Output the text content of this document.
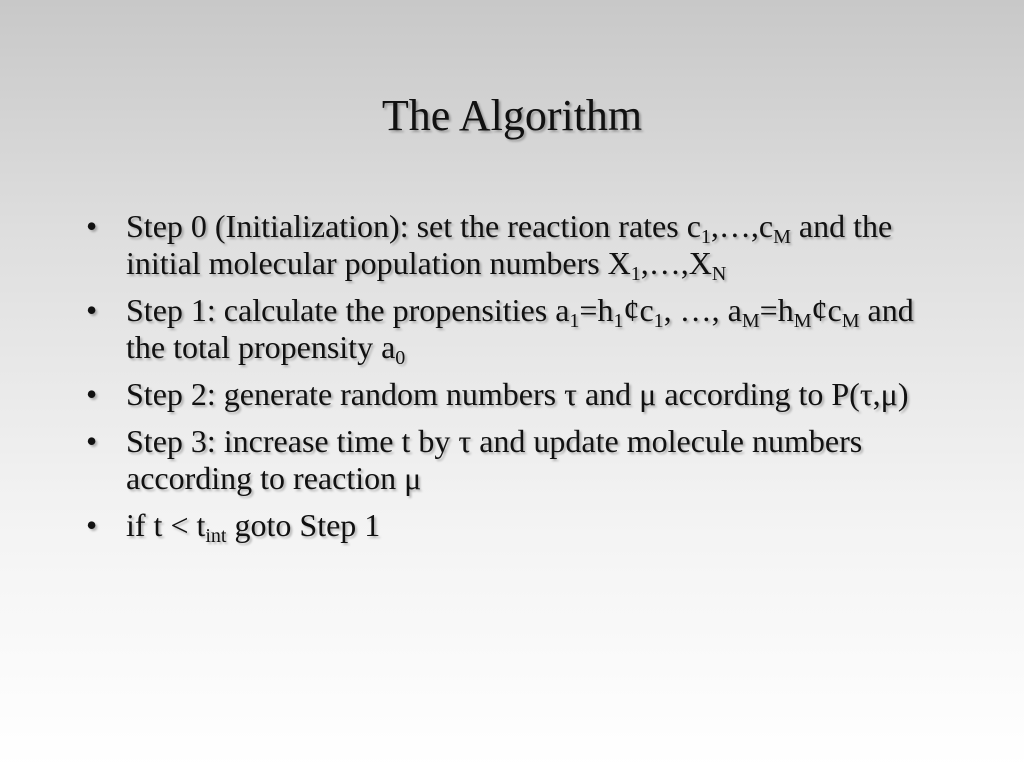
The Algorithm
• Step 0 (Initialization): set the reaction rates $c_1,\dots,c_M$ and the initial molecular population numbers $X_1,\dots,X_N$
• Step 1: calculate the propensities $a_1=h_1¢c_1$, …, $a_M=h_M¢c_M$ and the total propensity $a_0$
• Step 2: generate random numbers τ and μ according to P(τ,μ)
• Step 3: increase time t by τ and update molecule numbers according to reaction μ
• if $t < t_{int}$ goto Step 1
